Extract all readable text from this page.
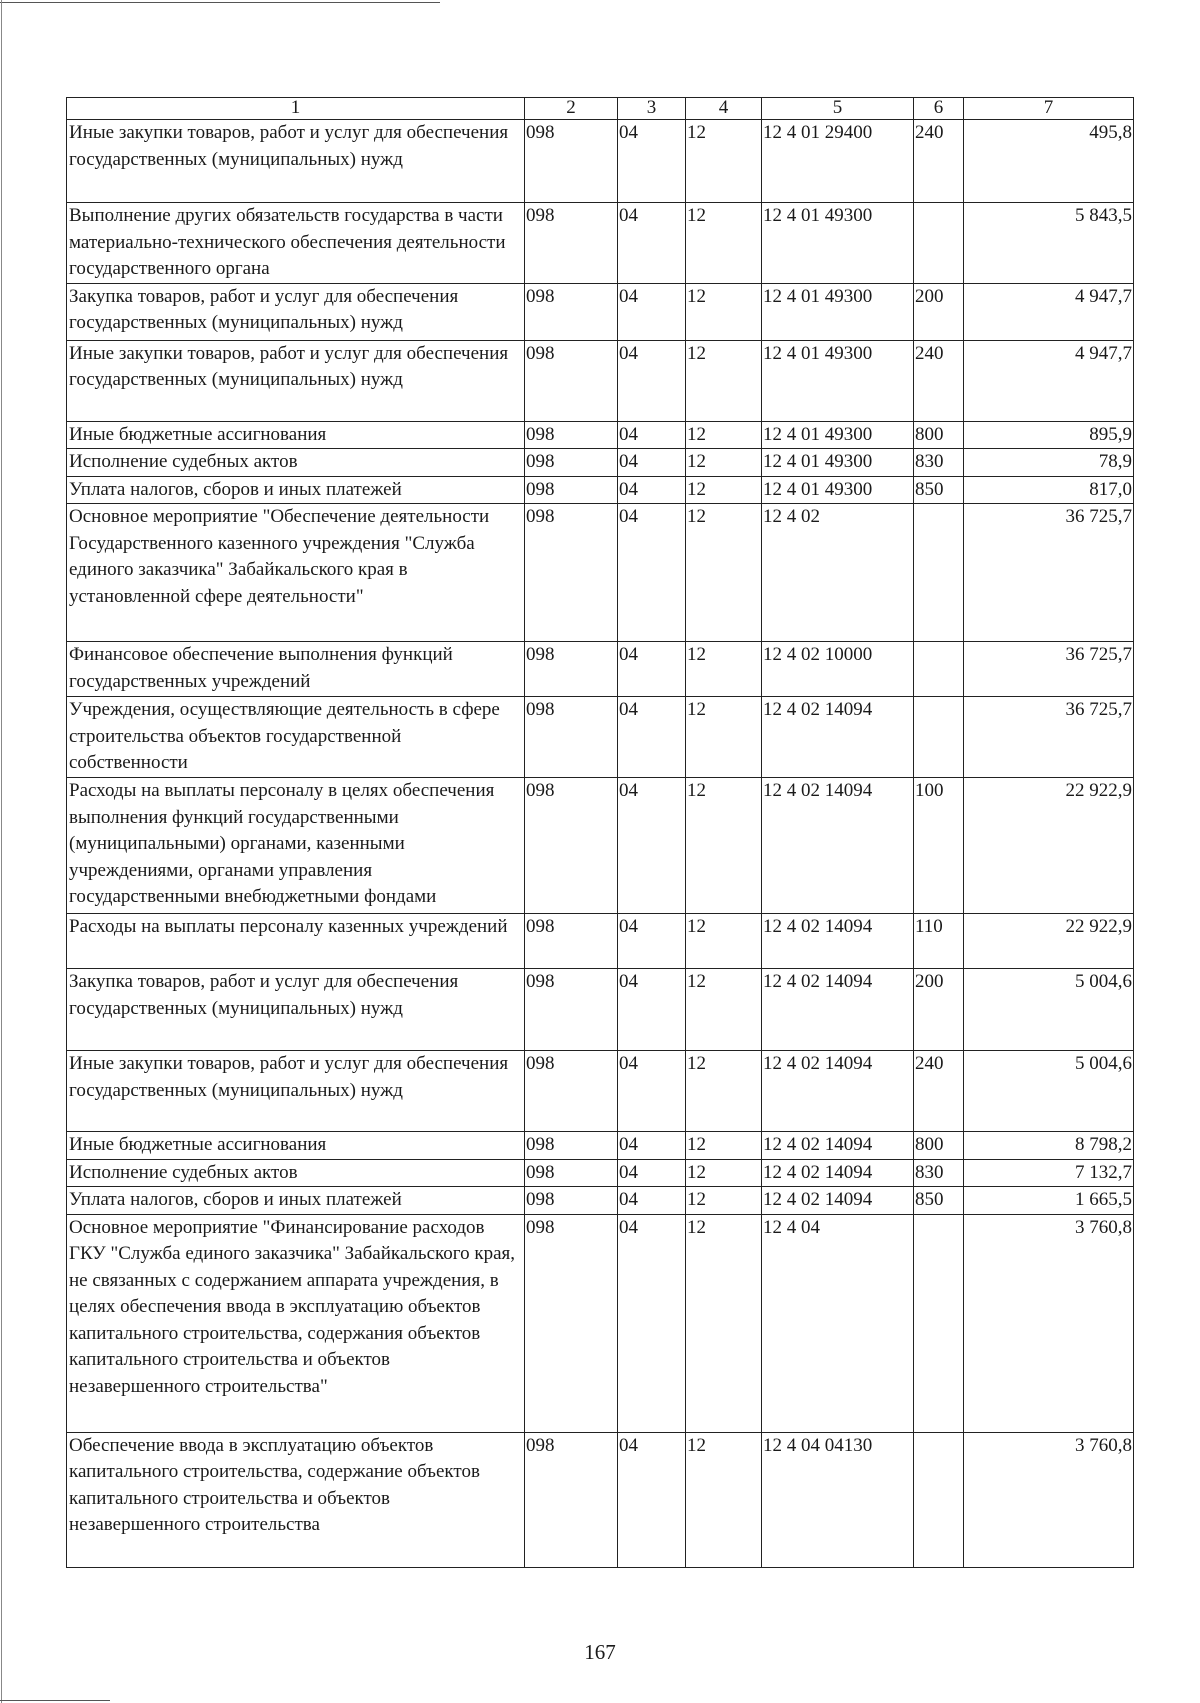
1	2	3	4	5	6	7
Иные закупки товаров, работ и услуг для обеспечения государственных (муниципальных) нужд	098	04	12	12 4 01 29400	240	495,8
Выполнение других обязательств государства в части материально-технического обеспечения деятельности государственного органа	098	04	12	12 4 01 49300		5 843,5
Закупка товаров, работ и услуг для обеспечения государственных (муниципальных) нужд	098	04	12	12 4 01 49300	200	4 947,7
Иные закупки товаров, работ и услуг для обеспечения государственных (муниципальных) нужд	098	04	12	12 4 01 49300	240	4 947,7
Иные бюджетные ассигнования	098	04	12	12 4 01 49300	800	895,9
Исполнение судебных актов	098	04	12	12 4 01 49300	830	78,9
Уплата налогов, сборов и иных платежей	098	04	12	12 4 01 49300	850	817,0
Основное мероприятие "Обеспечение деятельности Государственного казенного учреждения "Служба единого заказчика" Забайкальского края в установленной сфере деятельности"	098	04	12	12 4 02		36 725,7
Финансовое обеспечение выполнения функций государственных учреждений	098	04	12	12 4 02 10000		36 725,7
Учреждения, осуществляющие деятельность в сфере строительства объектов государственной собственности	098	04	12	12 4 02 14094		36 725,7
Расходы на выплаты персоналу в целях обеспечения выполнения функций государственными (муниципальными) органами, казенными учреждениями, органами управления государственными внебюджетными фондами	098	04	12	12 4 02 14094	100	22 922,9
Расходы на выплаты персоналу казенных учреждений	098	04	12	12 4 02 14094	110	22 922,9
Закупка товаров, работ и услуг для обеспечения государственных (муниципальных) нужд	098	04	12	12 4 02 14094	200	5 004,6
Иные закупки товаров, работ и услуг для обеспечения государственных (муниципальных) нужд	098	04	12	12 4 02 14094	240	5 004,6
Иные бюджетные ассигнования	098	04	12	12 4 02 14094	800	8 798,2
Исполнение судебных актов	098	04	12	12 4 02 14094	830	7 132,7
Уплата налогов, сборов и иных платежей	098	04	12	12 4 02 14094	850	1 665,5
Основное мероприятие "Финансирование расходов ГКУ "Служба единого заказчика" Забайкальского края, не связанных с содержанием аппарата учреждения, в целях обеспечения ввода в эксплуатацию объектов капитального строительства, содержания объектов капитального строительства и объектов незавершенного строительства"	098	04	12	12 4 04		3 760,8
Обеспечение ввода в эксплуатацию объектов капитального строительства, содержание объектов капитального строительства и объектов незавершенного строительства	098	04	12	12 4 04 04130		3 760,8
167
